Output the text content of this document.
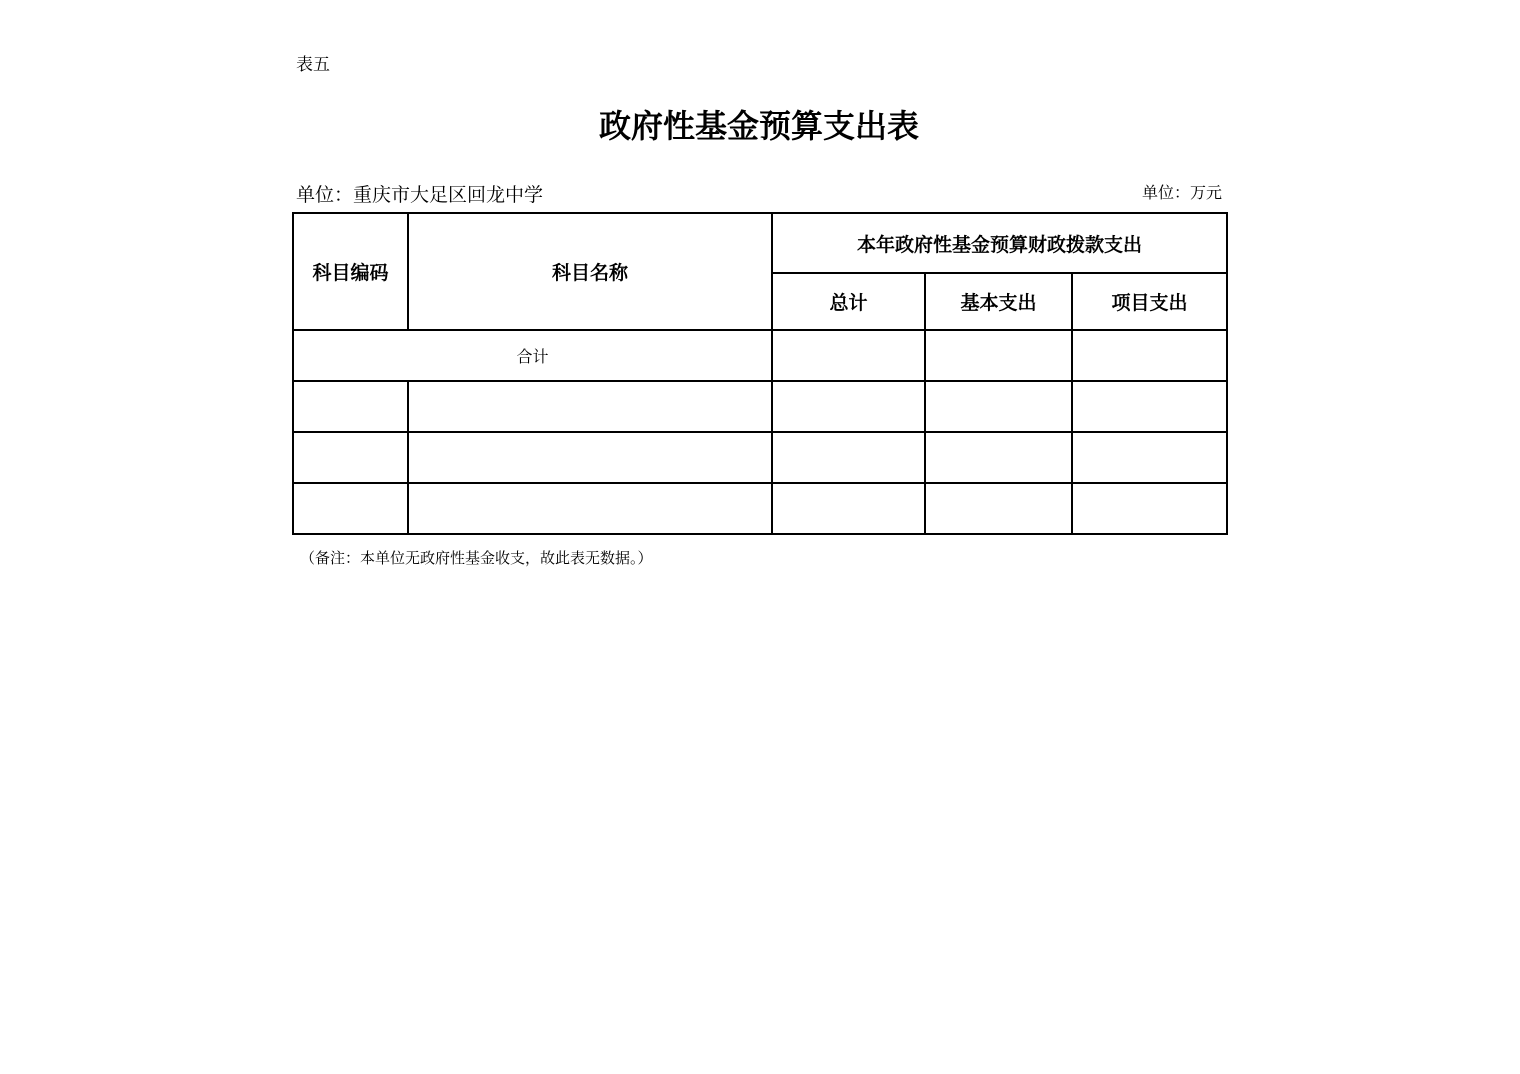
表五
政府性基金预算支出表
单位：重庆市大足区回龙中学	单位：万元
科目编码	科目名称	本年政府性基金预算财政拨款支出		
		总计	基本支出	项目支出
合计				

（备注：本单位无政府性基金收支，故此表无数据。）
